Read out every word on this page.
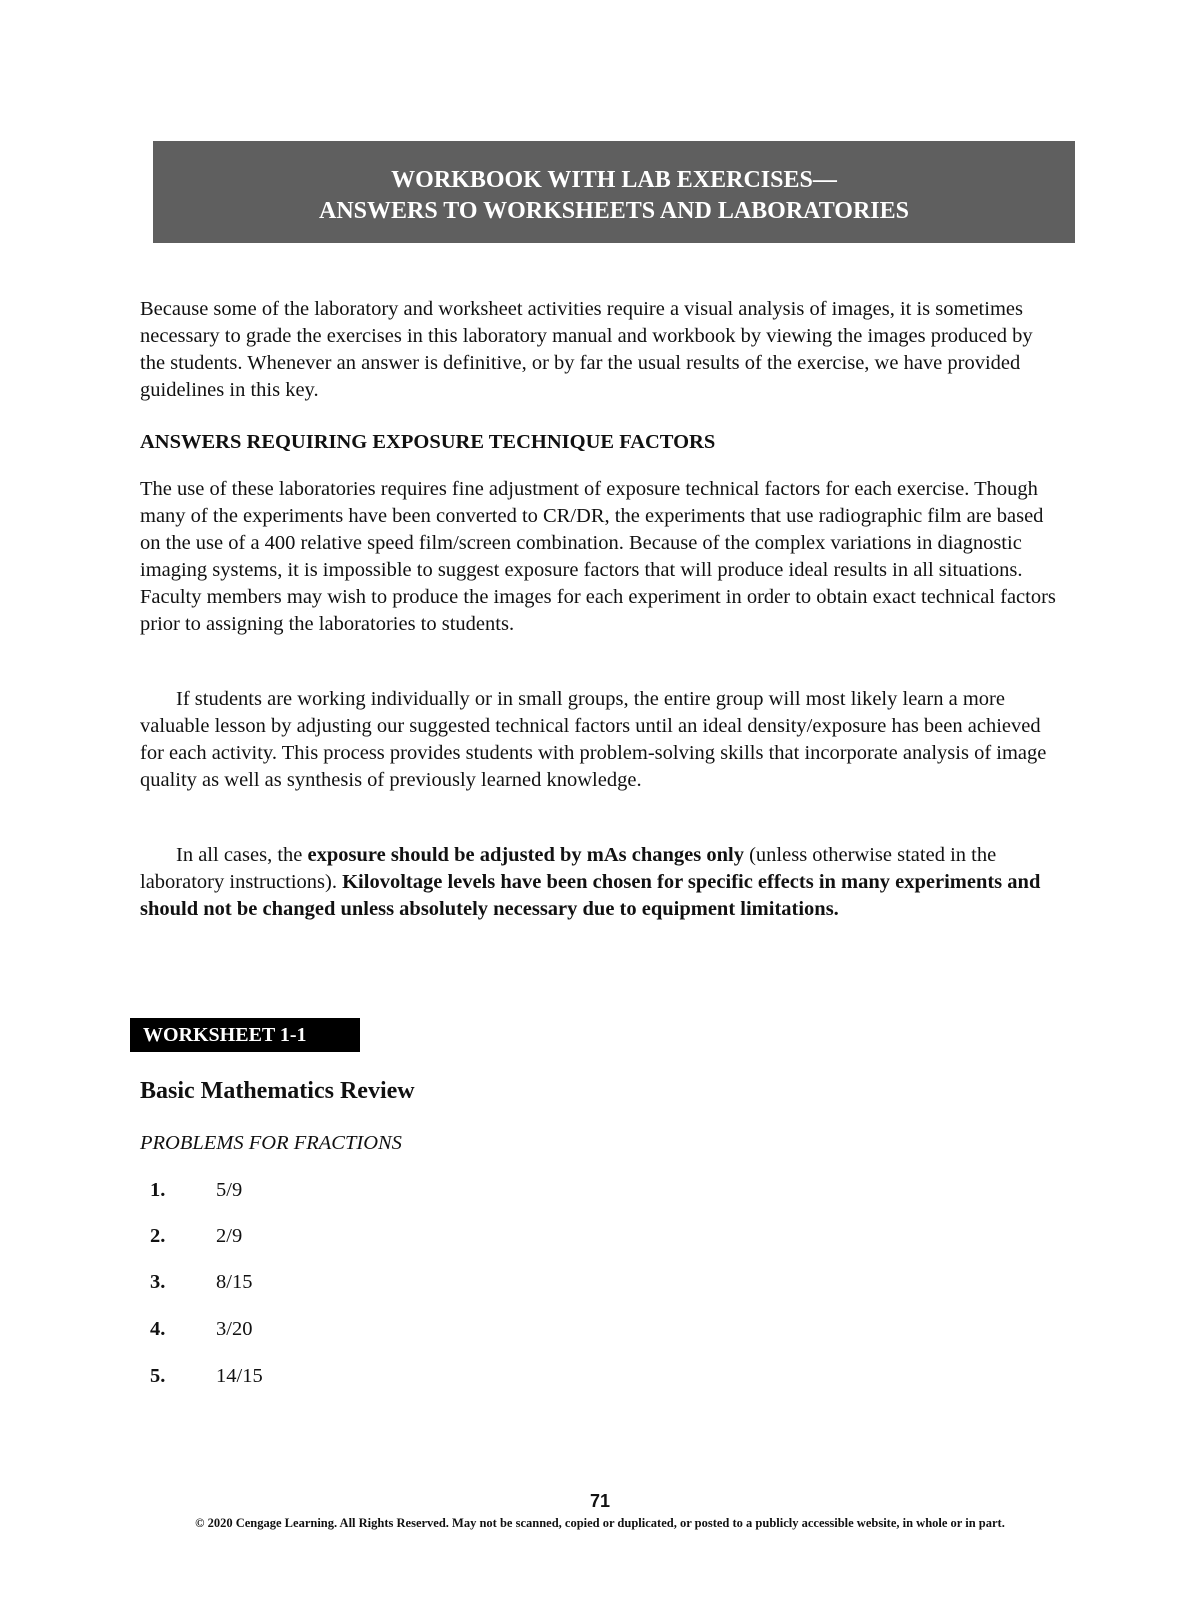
WORKBOOK WITH LAB EXERCISES—
ANSWERS TO WORKSHEETS AND LABORATORIES

Because some of the laboratory and worksheet activities require a visual analysis of images, it is sometimes necessary to grade the exercises in this laboratory manual and workbook by viewing the images produced by the students. Whenever an answer is definitive, or by far the usual results of the exercise, we have provided guidelines in this key.

ANSWERS REQUIRING EXPOSURE TECHNIQUE FACTORS

The use of these laboratories requires fine adjustment of exposure technical factors for each exercise. Though many of the experiments have been converted to CR/DR, the experiments that use radiographic film are based on the use of a 400 relative speed film/screen combination. Because of the complex variations in diagnostic imaging systems, it is impossible to suggest exposure factors that will produce ideal results in all situations. Faculty members may wish to produce the images for each experiment in order to obtain exact technical factors prior to assigning the laboratories to students.

If students are working individually or in small groups, the entire group will most likely learn a more valuable lesson by adjusting our suggested technical factors until an ideal density/exposure has been achieved for each activity. This process provides students with problem-solving skills that incorporate analysis of image quality as well as synthesis of previously learned knowledge.

In all cases, the exposure should be adjusted by mAs changes only (unless otherwise stated in the laboratory instructions). Kilovoltage levels have been chosen for specific effects in many experiments and should not be changed unless absolutely necessary due to equipment limitations.

WORKSHEET 1-1
Basic Mathematics Review
PROBLEMS FOR FRACTIONS
1. 5/9
2. 2/9
3. 8/15
4. 3/20
5. 14/15
71
© 2020 Cengage Learning. All Rights Reserved. May not be scanned, copied or duplicated, or posted to a publicly accessible website, in whole or in part.
